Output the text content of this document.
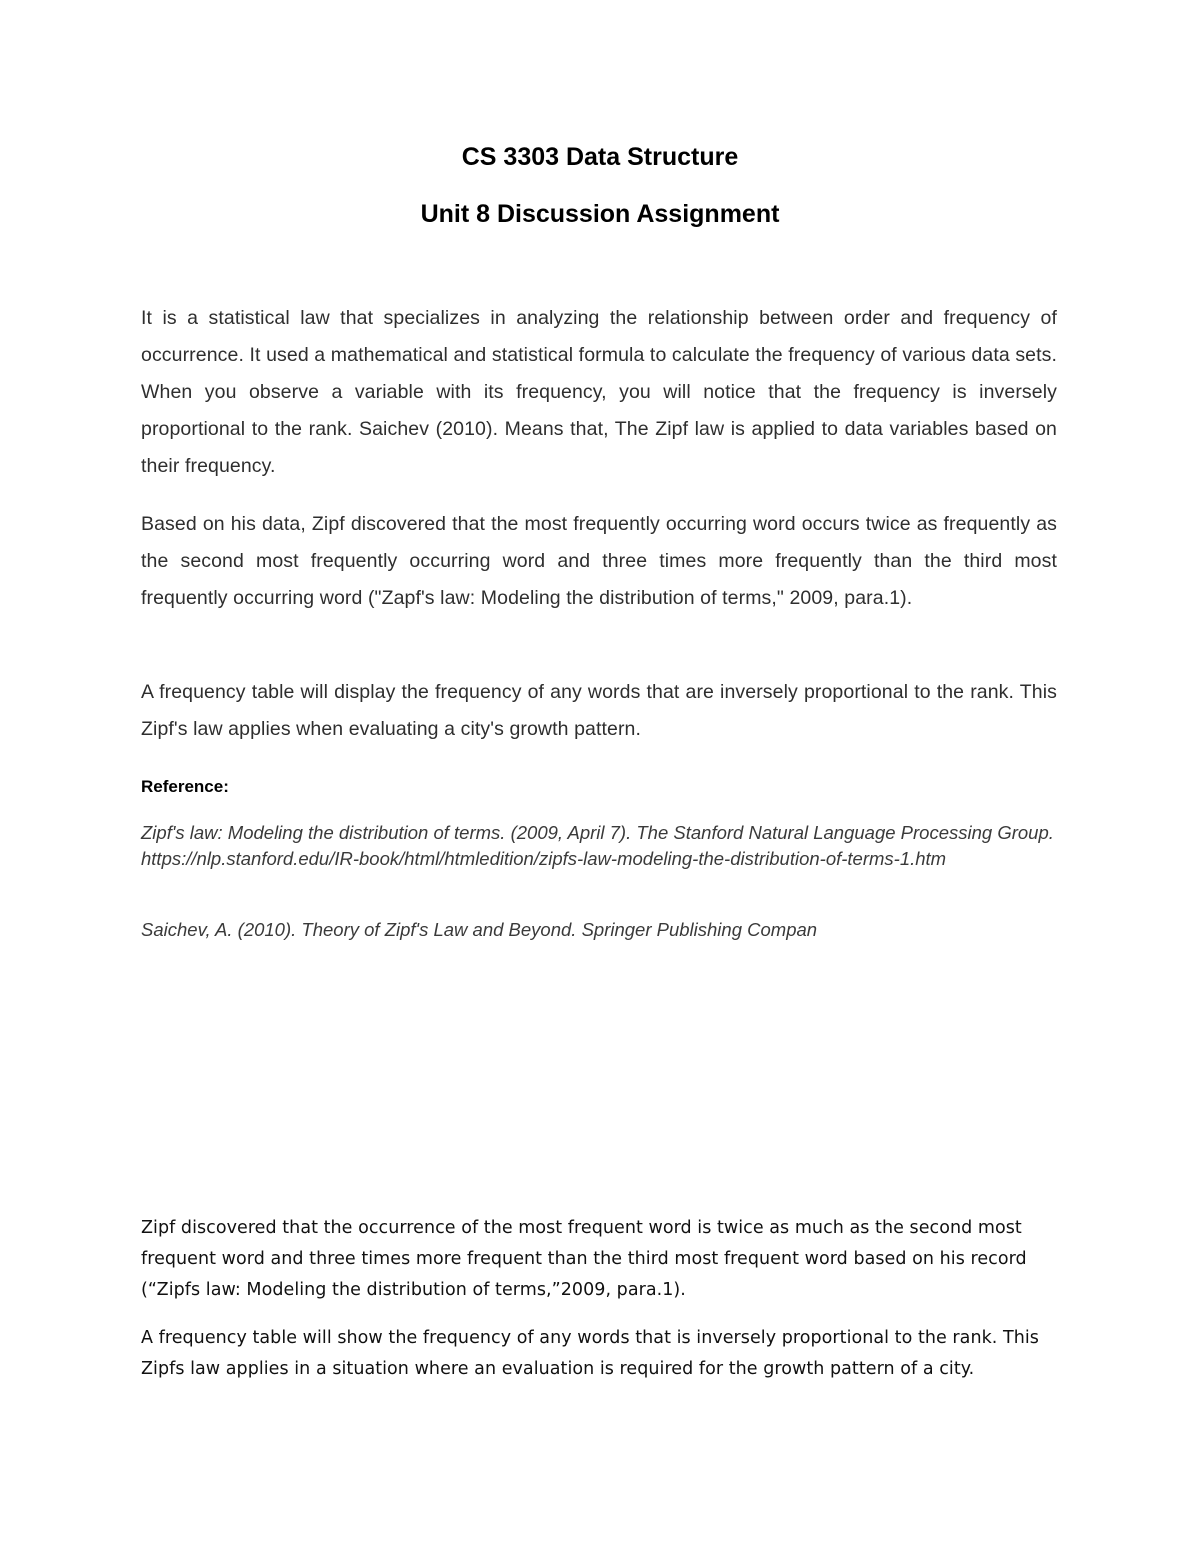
CS 3303 Data Structure
Unit 8 Discussion Assignment

It is a statistical law that specializes in analyzing the relationship between order and frequency of occurrence. It used a mathematical and statistical formula to calculate the frequency of various data sets. When you observe a variable with its frequency, you will notice that the frequency is inversely proportional to the rank. Saichev (2010). Means that, The Zipf law is applied to data variables based on their frequency.

Based on his data, Zipf discovered that the most frequently occurring word occurs twice as frequently as the second most frequently occurring word and three times more frequently than the third most frequently occurring word ("Zapf's law: Modeling the distribution of terms," 2009, para.1).

A frequency table will display the frequency of any words that are inversely proportional to the rank. This Zipf's law applies when evaluating a city's growth pattern.

Reference:

Zipf's law: Modeling the distribution of terms. (2009, April 7). The Stanford Natural Language Processing Group. https://nlp.stanford.edu/IR-book/html/htmledition/zipfs-law-modeling-the-distribution-of-terms-1.htm

Saichev, A. (2010). Theory of Zipf's Law and Beyond. Springer Publishing Compan

Zipf discovered that the occurrence of the most frequent word is twice as much as the second most frequent word and three times more frequent than the third most frequent word based on his record (“Zipfs law: Modeling the distribution of terms,”2009, para.1).

A frequency table will show the frequency of any words that is inversely proportional to the rank. This Zipfs law applies in a situation where an evaluation is required for the growth pattern of a city.
